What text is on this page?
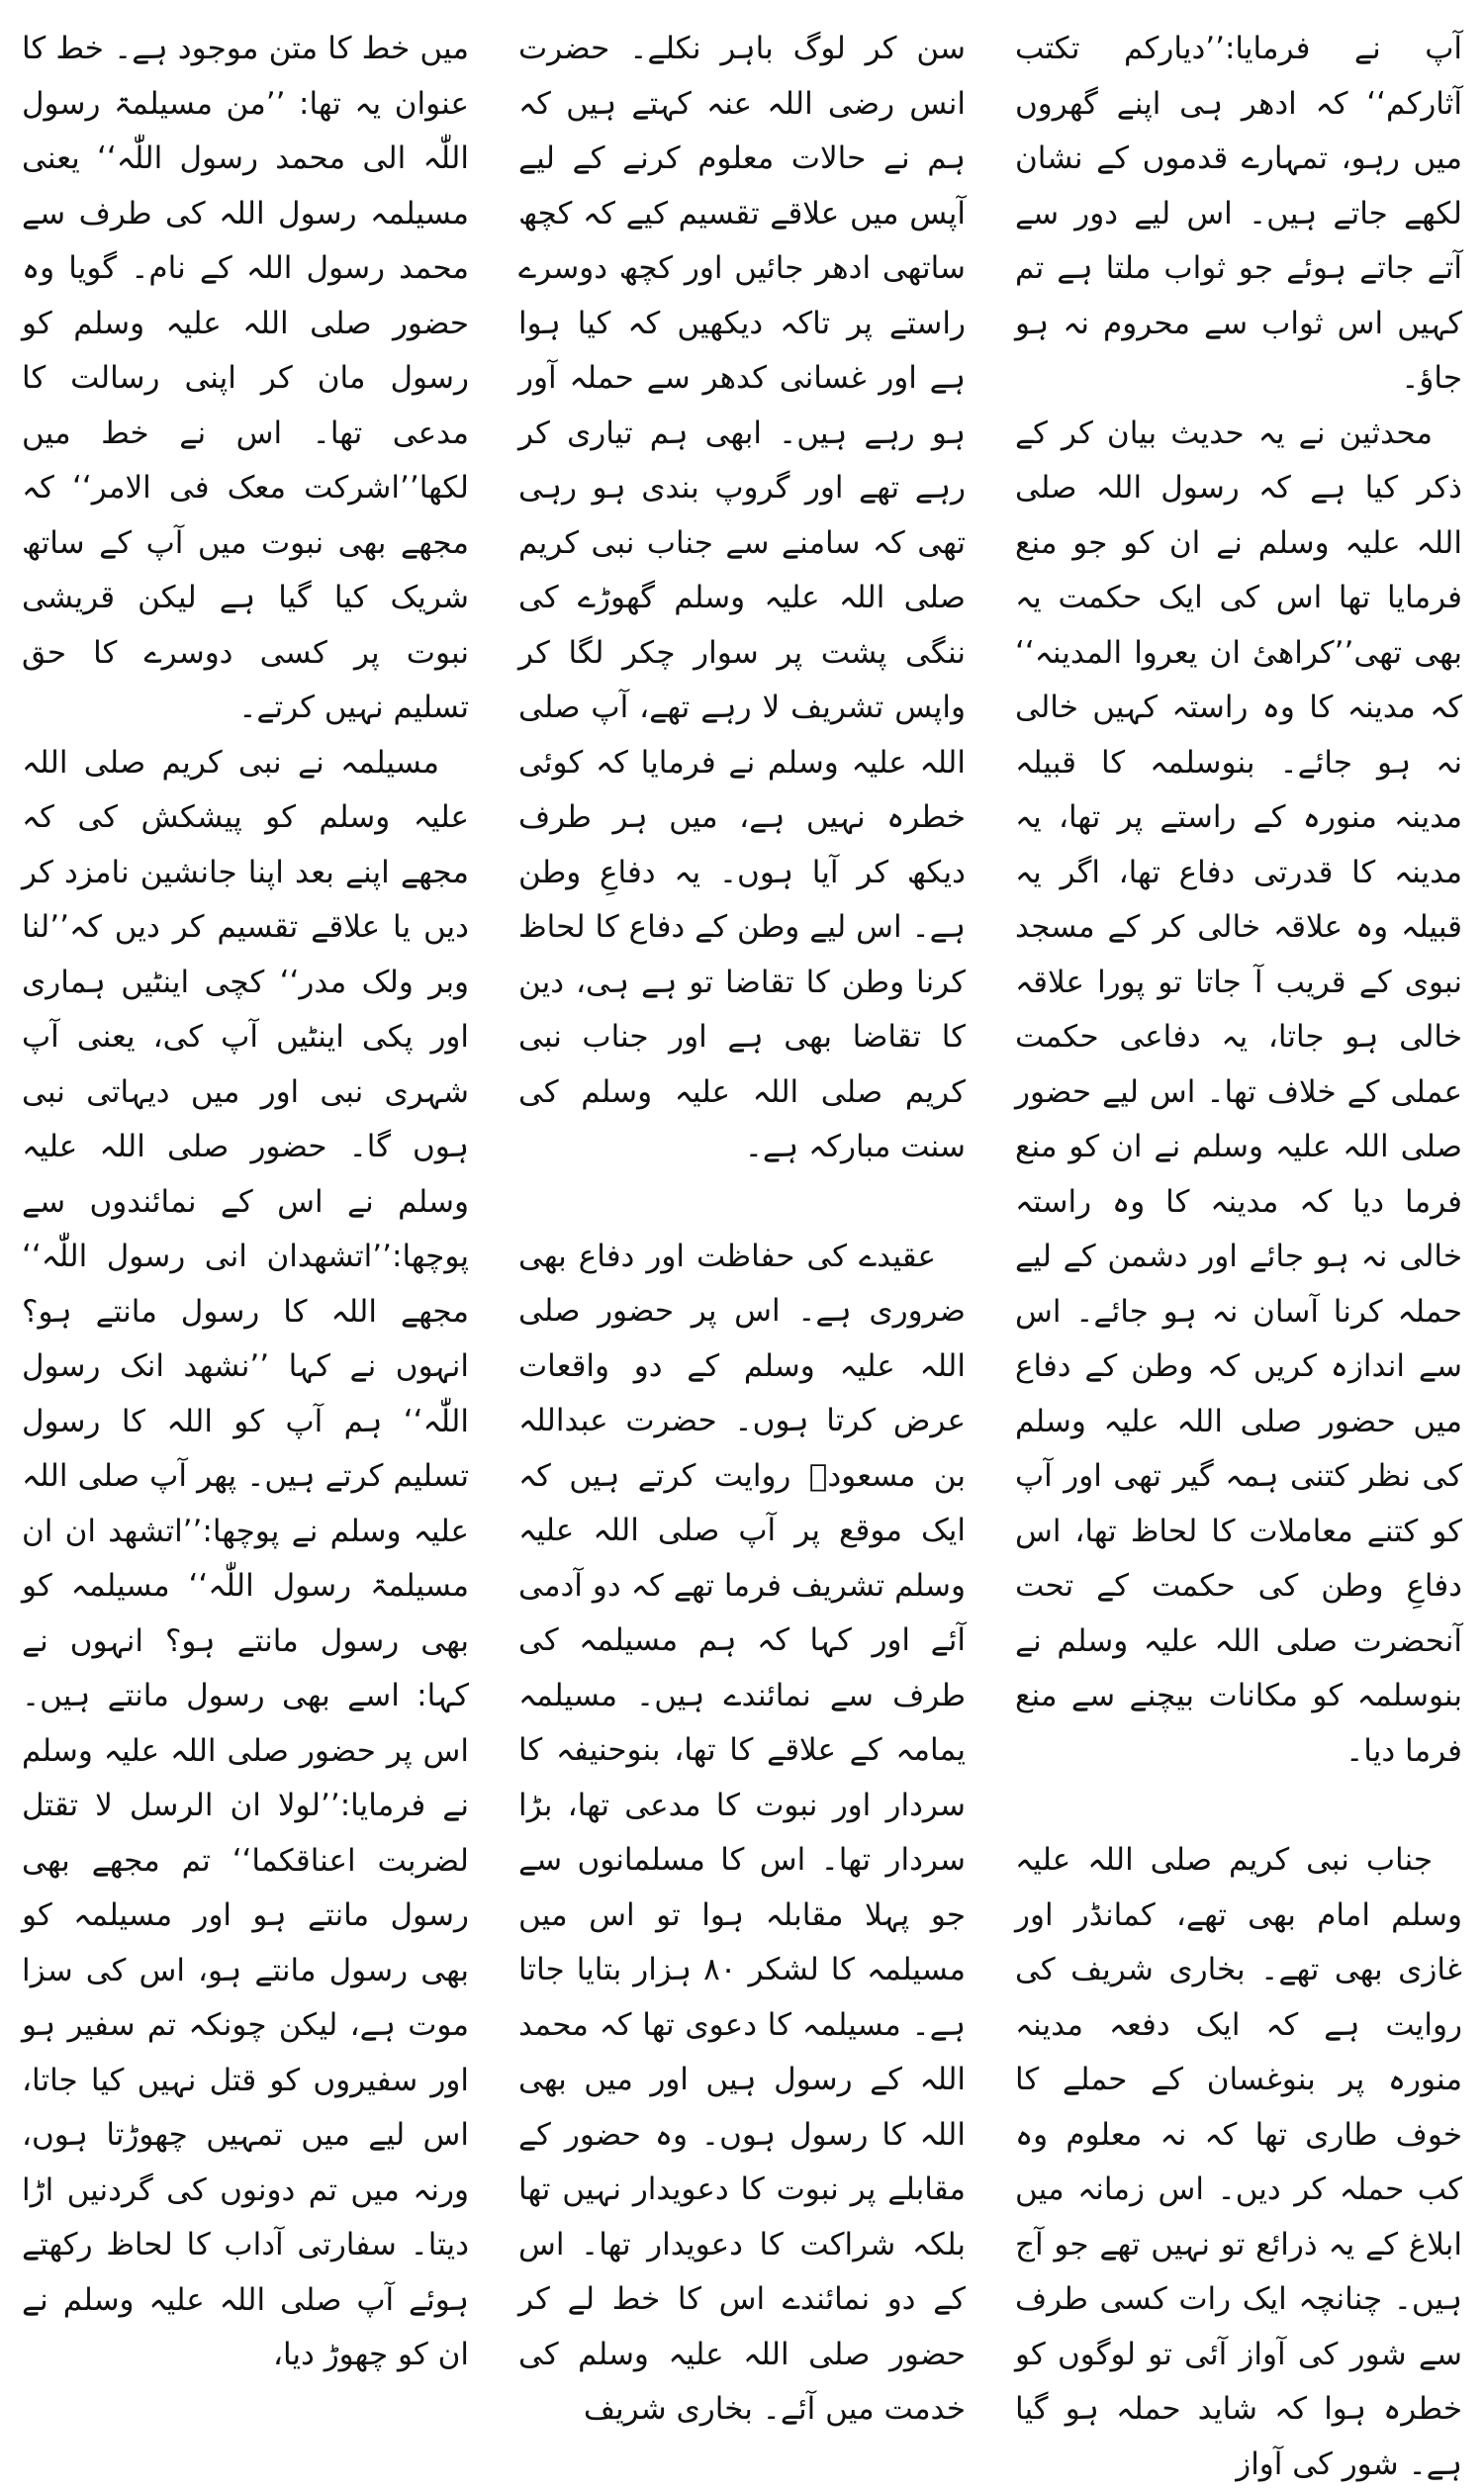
آپ نے فرمایا:’’دیارکم تکتب آثارکم‘‘ کہ ادھر ہی اپنے گھروں میں رہو، تمہارے قدموں کے نشان لکھے جاتے ہیں۔ اس لیے دور سے آتے جاتے ہوئے جو ثواب ملتا ہے تم کہیں اس ثواب سے محروم نہ ہو جاؤ۔

محدثین نے یہ حدیث بیان کر کے ذکر کیا ہے کہ رسول اللہ صلی اللہ علیہ وسلم نے ان کو جو منع فرمایا تھا اس کی ایک حکمت یہ بھی تھی’’کراھیٔ ان یعروا المدینہ‘‘ کہ مدینہ کا وہ راستہ کہیں خالی نہ ہو جائے۔ بنوسلمہ کا قبیلہ مدینہ منورہ کے راستے پر تھا، یہ مدینہ کا قدرتی دفاع تھا، اگر یہ قبیلہ وہ علاقہ خالی کر کے مسجد نبوی کے قریب آ جاتا تو پورا علاقہ خالی ہو جاتا، یہ دفاعی حکمت عملی کے خلاف تھا۔ اس لیے حضور صلی اللہ علیہ وسلم نے ان کو منع فرما دیا کہ مدینہ کا وہ راستہ خالی نہ ہو جائے اور دشمن کے لیے حملہ کرنا آسان نہ ہو جائے۔ اس سے اندازہ کریں کہ وطن کے دفاع میں حضور صلی اللہ علیہ وسلم کی نظر کتنی ہمہ گیر تھی اور آپ کو کتنے معاملات کا لحاظ تھا، اس دفاعِ وطن کی حکمت کے تحت آنحضرت صلی اللہ علیہ وسلم نے بنوسلمہ کو مکانات بیچنے سے منع فرما دیا۔

جناب نبی کریم صلی اللہ علیہ وسلم امام بھی تھے، کمانڈر اور غازی بھی تھے۔ بخاری شریف کی روایت ہے کہ ایک دفعہ مدینہ منورہ پر بنوغسان کے حملے کا خوف طاری تھا کہ نہ معلوم وہ کب حملہ کر دیں۔ اس زمانہ میں ابلاغ کے یہ ذرائع تو نہیں تھے جو آج ہیں۔ چنانچہ ایک رات کسی طرف سے شور کی آواز آئی تو لوگوں کو خطرہ ہوا کہ شاید حملہ ہو گیا ہے۔ شور کی آواز

سن کر لوگ باہر نکلے۔ حضرت انس رضی اللہ عنہ کہتے ہیں کہ ہم نے حالات معلوم کرنے کے لیے آپس میں علاقے تقسیم کیے کہ کچھ ساتھی ادھر جائیں اور کچھ دوسرے راستے پر تاکہ دیکھیں کہ کیا ہوا ہے اور غسانی کدھر سے حملہ آور ہو رہے ہیں۔ ابھی ہم تیاری کر رہے تھے اور گروپ بندی ہو رہی تھی کہ سامنے سے جناب نبی کریم صلی اللہ علیہ وسلم گھوڑے کی ننگی پشت پر سوار چکر لگا کر واپس تشریف لا رہے تھے، آپ صلی اللہ علیہ وسلم نے فرمایا کہ کوئی خطرہ نہیں ہے، میں ہر طرف دیکھ کر آیا ہوں۔ یہ دفاعِ وطن ہے۔ اس لیے وطن کے دفاع کا لحاظ کرنا وطن کا تقاضا تو ہے ہی، دین کا تقاضا بھی ہے اور جناب نبی کریم صلی اللہ علیہ وسلم کی سنت مبارکہ ہے۔

عقیدے کی حفاظت اور دفاع بھی ضروری ہے۔ اس پر حضور صلی اللہ علیہ وسلم کے دو واقعات عرض کرتا ہوں۔ حضرت عبداللہ بن مسعودؓ روایت کرتے ہیں کہ ایک موقع پر آپ صلی اللہ علیہ وسلم تشریف فرما تھے کہ دو آدمی آئے اور کہا کہ ہم مسیلمہ کی طرف سے نمائندے ہیں۔ مسیلمہ یمامہ کے علاقے کا تھا، بنوحنیفہ کا سردار اور نبوت کا مدعی تھا، بڑا سردار تھا۔ اس کا مسلمانوں سے جو پہلا مقابلہ ہوا تو اس میں مسیلمہ کا لشکر ۸۰ ہزار بتایا جاتا ہے۔ مسیلمہ کا دعوی تھا کہ محمد اللہ کے رسول ہیں اور میں بھی اللہ کا رسول ہوں۔ وہ حضور کے مقابلے پر نبوت کا دعویدار نہیں تھا بلکہ شراکت کا دعویدار تھا۔ اس کے دو نمائندے اس کا خط لے کر حضور صلی اللہ علیہ وسلم کی خدمت میں آئے۔ بخاری شریف

میں خط کا متن موجود ہے۔ خط کا عنوان یہ تھا: ’’من مسیلمۃ رسول اللّٰہ الی محمد رسول اللّٰہ‘‘ یعنی مسیلمہ رسول اللہ کی طرف سے محمد رسول اللہ کے نام۔ گویا وہ حضور صلی اللہ علیہ وسلم کو رسول مان کر اپنی رسالت کا مدعی تھا۔ اس نے خط میں لکھا’’اشرکت معک فی الامر‘‘ کہ مجھے بھی نبوت میں آپ کے ساتھ شریک کیا گیا ہے لیکن قریشی نبوت پر کسی دوسرے کا حق تسلیم نہیں کرتے۔

مسیلمہ نے نبی کریم صلی اللہ علیہ وسلم کو پیشکش کی کہ مجھے اپنے بعد اپنا جانشین نامزد کر دیں یا علاقے تقسیم کر دیں کہ’’لنا وبر ولک مدر‘‘ کچی اینٹیں ہماری اور پکی اینٹیں آپ کی، یعنی آپ شہری نبی اور میں دیہاتی نبی ہوں گا۔ حضور صلی اللہ علیہ وسلم نے اس کے نمائندوں سے پوچھا:’’اتشھدان انی رسول اللّٰہ‘‘ مجھے اللہ کا رسول مانتے ہو؟ انہوں نے کہا ’’نشھد انک رسول اللّٰہ‘‘ ہم آپ کو اللہ کا رسول تسلیم کرتے ہیں۔ پھر آپ صلی اللہ علیہ وسلم نے پوچھا:’’اتشھد ان ان مسیلمۃ رسول اللّٰہ‘‘ مسیلمہ کو بھی رسول مانتے ہو؟ انہوں نے کہا: اسے بھی رسول مانتے ہیں۔ اس پر حضور صلی اللہ علیہ وسلم نے فرمایا:’’لولا ان الرسل لا تقتل لضربت اعناقکما‘‘ تم مجھے بھی رسول مانتے ہو اور مسیلمہ کو بھی رسول مانتے ہو، اس کی سزا موت ہے، لیکن چونکہ تم سفیر ہو اور سفیروں کو قتل نہیں کیا جاتا، اس لیے میں تمہیں چھوڑتا ہوں، ورنہ میں تم دونوں کی گردنیں اڑا دیتا۔ سفارتی آداب کا لحاظ رکھتے ہوئے آپ صلی اللہ علیہ وسلم نے ان کو چھوڑ دیا،
